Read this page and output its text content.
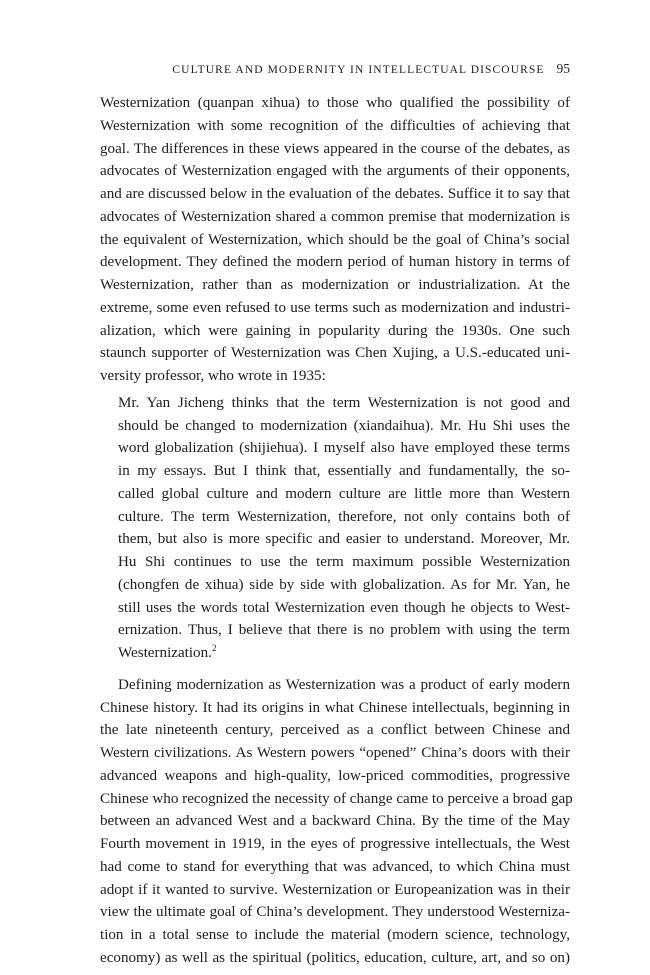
CULTURE AND MODERNITY IN INTELLECTUAL DISCOURSE 95
Westernization (quanpan xihua) to those who qualified the possibility of
Westernization with some recognition of the difficulties of achieving that
goal. The differences in these views appeared in the course of the debates, as
advocates of Westernization engaged with the arguments of their opponents,
and are discussed below in the evaluation of the debates. Suffice it to say that
advocates of Westernization shared a common premise that modernization is
the equivalent of Westernization, which should be the goal of China’s social
development. They defined the modern period of human history in terms of
Westernization, rather than as modernization or industrialization. At the
extreme, some even refused to use terms such as modernization and industri-
alization, which were gaining in popularity during the 1930s. One such
staunch supporter of Westernization was Chen Xujing, a U.S.-educated uni-
versity professor, who wrote in 1935:
Mr. Yan Jicheng thinks that the term Westernization is not good and
should be changed to modernization (xiandaihua). Mr. Hu Shi uses the
word globalization (shijiehua). I myself also have employed these terms
in my essays. But I think that, essentially and fundamentally, the so-
called global culture and modern culture are little more than Western
culture. The term Westernization, therefore, not only contains both of
them, but also is more specific and easier to understand. Moreover, Mr.
Hu Shi continues to use the term maximum possible Westernization
(chongfen de xihua) side by side with globalization. As for Mr. Yan, he
still uses the words total Westernization even though he objects to West-
ernization. Thus, I believe that there is no problem with using the term
Westernization.$^2$
Defining modernization as Westernization was a product of early modern
Chinese history. It had its origins in what Chinese intellectuals, beginning in
the late nineteenth century, perceived as a conflict between Chinese and
Western civilizations. As Western powers “opened” China’s doors with their
advanced weapons and high-quality, low-priced commodities, progressive
Chinese who recognized the necessity of change came to perceive a broad gap
between an advanced West and a backward China. By the time of the May
Fourth movement in 1919, in the eyes of progressive intellectuals, the West
had come to stand for everything that was advanced, to which China must
adopt if it wanted to survive. Westernization or Europeanization was in their
view the ultimate goal of China’s development. They understood Westerniza-
tion in a total sense to include the material (modern science, technology,
economy) as well as the spiritual (politics, education, culture, art, and so on)
